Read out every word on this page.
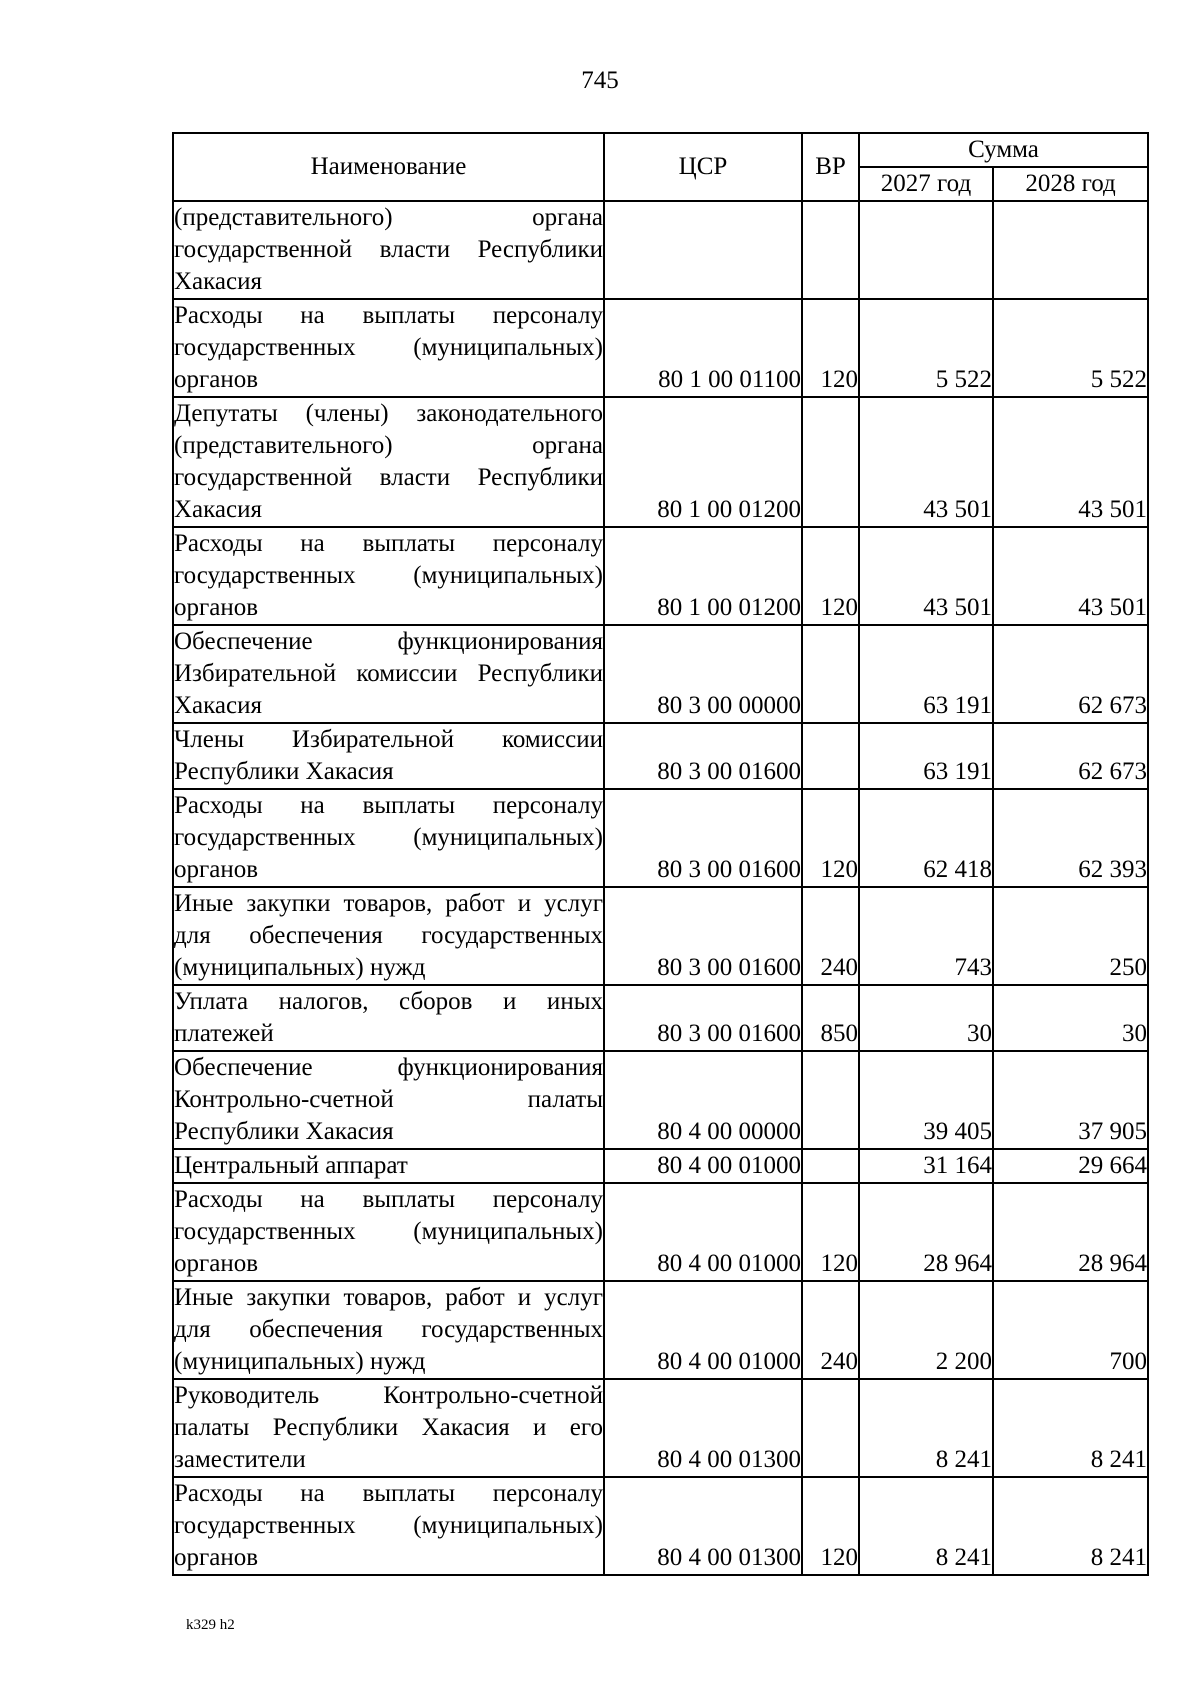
745
Наименование	ЦСР	ВР	Сумма	
			2027 год	2028 год
(представительного) органа государственной власти Республики Хакасия				
Расходы на выплаты персоналу государственных (муниципальных) органов	80 1 00 01100	120	5 522	5 522
Депутаты (члены) законодательного (представительного) органа государственной власти Республики Хакасия	80 1 00 01200		43 501	43 501
Расходы на выплаты персоналу государственных (муниципальных) органов	80 1 00 01200	120	43 501	43 501
Обеспечение функционирования Избирательной комиссии Республики Хакасия	80 3 00 00000		63 191	62 673
Члены Избирательной комиссии Республики Хакасия	80 3 00 01600		63 191	62 673
Расходы на выплаты персоналу государственных (муниципальных) органов	80 3 00 01600	120	62 418	62 393
Иные закупки товаров, работ и услуг для обеспечения государственных (муниципальных) нужд	80 3 00 01600	240	743	250
Уплата налогов, сборов и иных платежей	80 3 00 01600	850	30	30
Обеспечение функционирования Контрольно-счетной палаты Республики Хакасия	80 4 00 00000		39 405	37 905
Центральный аппарат	80 4 00 01000		31 164	29 664
Расходы на выплаты персоналу государственных (муниципальных) органов	80 4 00 01000	120	28 964	28 964
Иные закупки товаров, работ и услуг для обеспечения государственных (муниципальных) нужд	80 4 00 01000	240	2 200	700
Руководитель Контрольно-счетной палаты Республики Хакасия и его заместители	80 4 00 01300		8 241	8 241
Расходы на выплаты персоналу государственных (муниципальных) органов	80 4 00 01300	120	8 241	8 241
k329 h2
